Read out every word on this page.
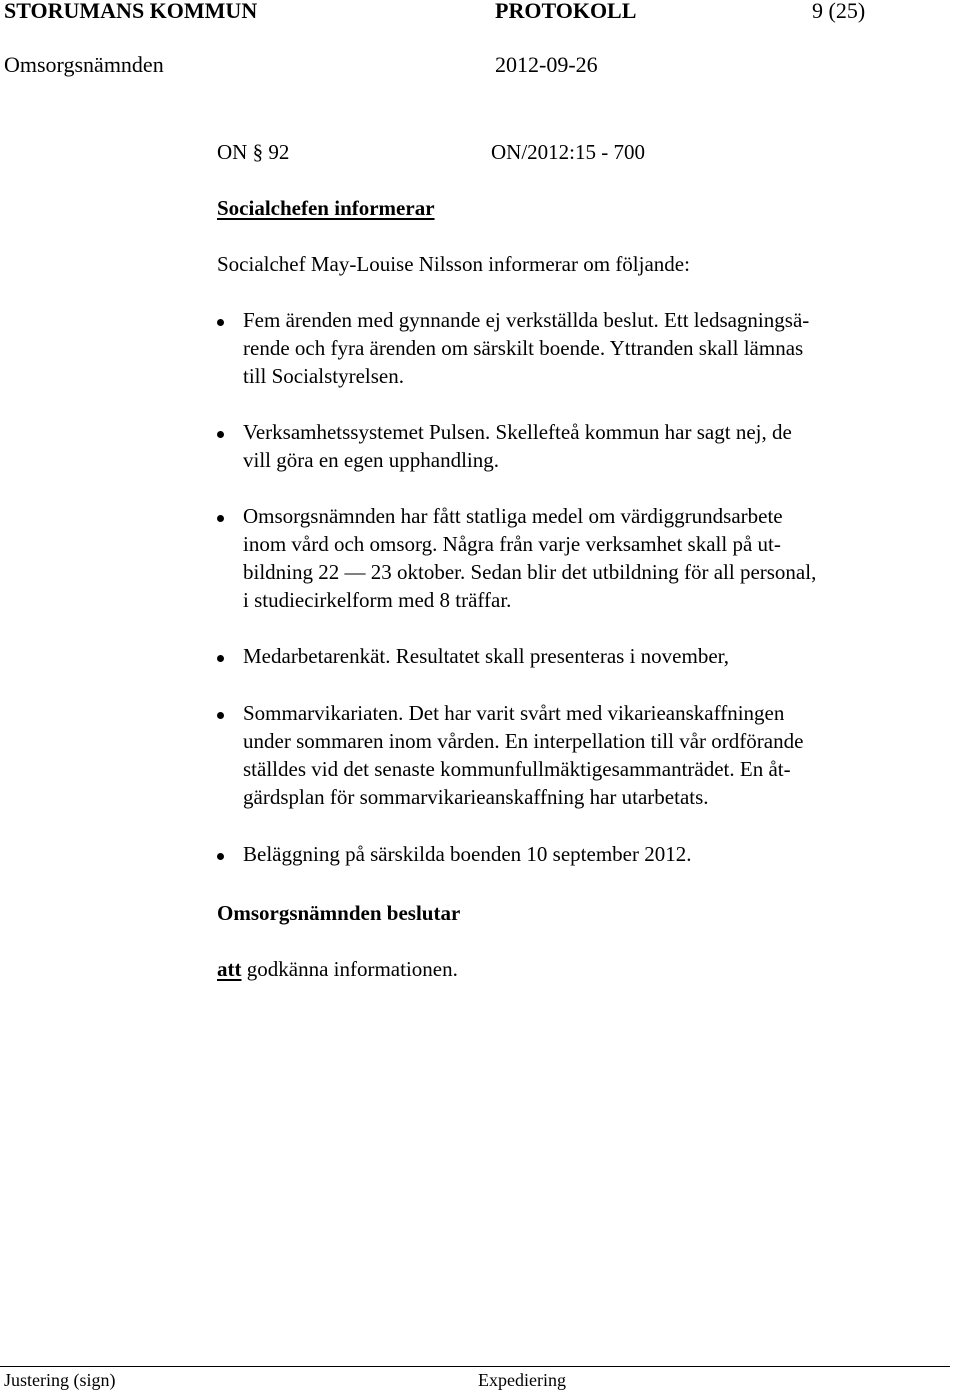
STORUMANS KOMMUN	PROTOKOLL	9 (25)
Omsorgsnämnden	2012-09-26
ON § 92	ON/2012:15 - 700
Socialchefen informerar
Socialchef May-Louise Nilsson informerar om följande:
Fem ärenden med gynnande ej verkställda beslut. Ett ledsagningsä-
rende och fyra ärenden om särskilt boende. Yttranden skall lämnas
till Socialstyrelsen.
Verksamhetssystemet Pulsen. Skellefteå kommun har sagt nej, de
vill göra en egen upphandling.
Omsorgsnämnden har fått statliga medel om värdiggrundsarbete
inom vård och omsorg. Några från varje verksamhet skall på ut-
bildning 22 — 23 oktober. Sedan blir det utbildning för all personal,
i studiecirkelform med 8 träffar.
Medarbetarenkät. Resultatet skall presenteras i november,
Sommarvikariaten. Det har varit svårt med vikarieanskaffningen
under sommaren inom vården. En interpellation till vår ordförande
ställdes vid det senaste kommunfullmäktigesammanträdet. En åt-
gärdsplan för sommarvikarieanskaffning har utarbetats.
Beläggning på särskilda boenden 10 september 2012.
Omsorgsnämnden beslutar
att godkänna informationen.
Justering (sign)	Expediering
